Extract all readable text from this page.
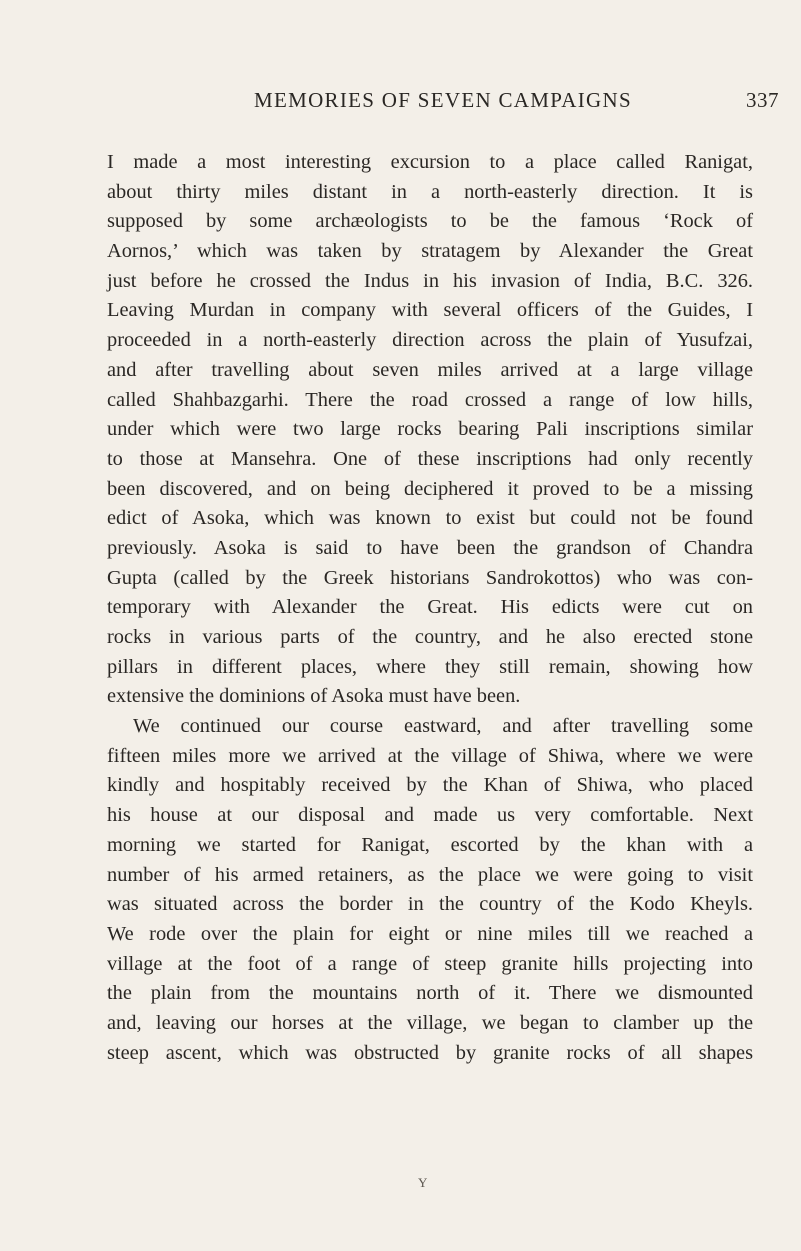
MEMORIES OF SEVEN CAMPAIGNS	337
I made a most interesting excursion to a place called Ranigat,
about thirty miles distant in a north-easterly direction. It is
supposed by some archæologists to be the famous ‘Rock of
Aornos,’ which was taken by stratagem by Alexander the Great
just before he crossed the Indus in his invasion of India, B.C. 326.
Leaving Murdan in company with several officers of the Guides, I
proceeded in a north-easterly direction across the plain of Yusufzai,
and after travelling about seven miles arrived at a large village
called Shahbazgarhi. There the road crossed a range of low hills,
under which were two large rocks bearing Pali inscriptions similar
to those at Mansehra. One of these inscriptions had only recently
been discovered, and on being deciphered it proved to be a missing
edict of Asoka, which was known to exist but could not be found
previously. Asoka is said to have been the grandson of Chandra
Gupta (called by the Greek historians Sandrokottos) who was con-
temporary with Alexander the Great. His edicts were cut on
rocks in various parts of the country, and he also erected stone
pillars in different places, where they still remain, showing how
extensive the dominions of Asoka must have been.
We continued our course eastward, and after travelling some
fifteen miles more we arrived at the village of Shiwa, where we were
kindly and hospitably received by the Khan of Shiwa, who placed
his house at our disposal and made us very comfortable. Next
morning we started for Ranigat, escorted by the khan with a
number of his armed retainers, as the place we were going to visit
was situated across the border in the country of the Kodo Kheyls.
We rode over the plain for eight or nine miles till we reached a
village at the foot of a range of steep granite hills projecting into
the plain from the mountains north of it. There we dismounted
and, leaving our horses at the village, we began to clamber up the
steep ascent, which was obstructed by granite rocks of all shapes
Y
